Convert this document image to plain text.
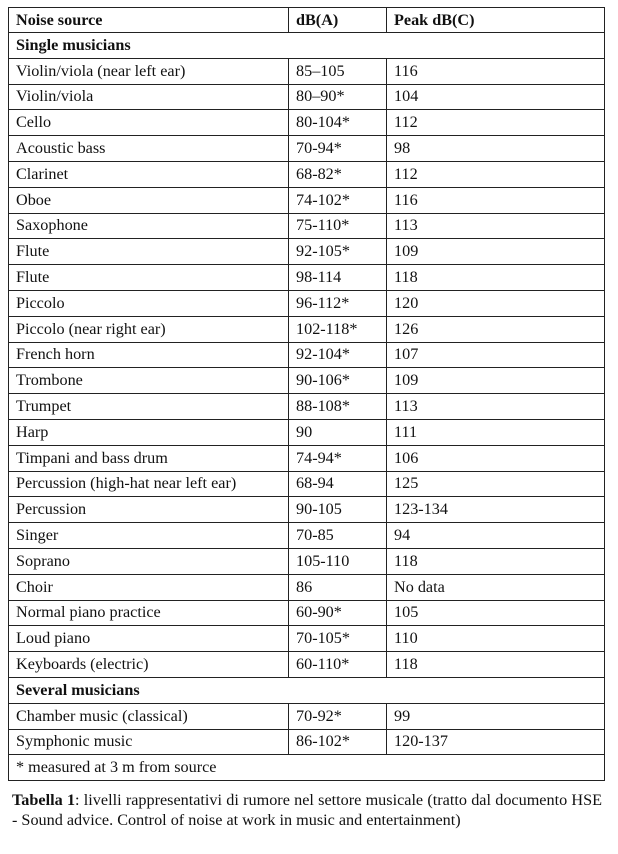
Noise source	dB(A)	Peak dB(C)
Single musicians		
Violin/viola (near left ear)	85–105	116
Violin/viola	80–90*	104
Cello	80-104*	112
Acoustic bass	70-94*	98
Clarinet	68-82*	112
Oboe	74-102*	116
Saxophone	75-110*	113
Flute	92-105*	109
Flute	98-114	118
Piccolo	96-112*	120
Piccolo (near right ear)	102-118*	126
French horn	92-104*	107
Trombone	90-106*	109
Trumpet	88-108*	113
Harp	90	111
Timpani and bass drum	74-94*	106
Percussion (high-hat near left ear)	68-94	125
Percussion	90-105	123-134
Singer	70-85	94
Soprano	105-110	118
Choir	86	No data
Normal piano practice	60-90*	105
Loud piano	70-105*	110
Keyboards (electric)	60-110*	118
Several musicians		
Chamber music (classical)	70-92*	99
Symphonic music	86-102*	120-137
* measured at 3 m from source		
Tabella 1: livelli rappresentativi di rumore nel settore musicale (tratto dal documento HSE - Sound advice. Control of noise at work in music and entertainment)
